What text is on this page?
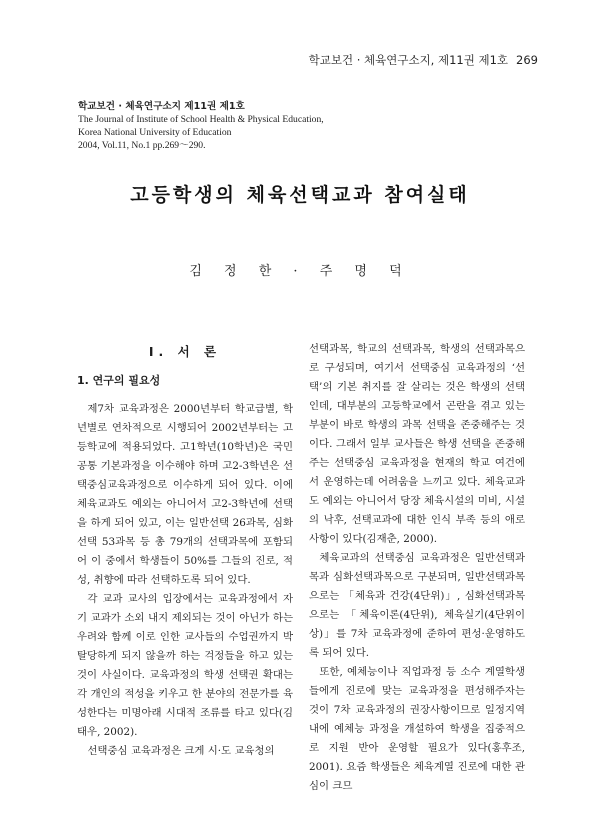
학교보건 · 체육연구소지, 제11권 제1호 269
학교보건 · 체육연구소지 제11권 제1호
The Journal of Institute of School Health & Physical Education,
Korea National University of Education
2004, Vol.11, No.1 pp.269～290.
고등학생의 체육선택교과 참여실태
김 정 한 · 주 명 덕
Ⅰ. 서 론
1. 연구의 필요성

제7차 교육과정은 2000년부터 학교급별, 학년별로 연차적으로 시행되어 2002년부터는 고등학교에 적용되었다. 고1학년(10학년)은 국민공통 기본과정을 이수해야 하며 고2-3학년은 선택중심교육과정으로 이수하게 되어 있다. 이에 체육교과도 예외는 아니어서 고2-3학년에 선택을 하게 되어 있고, 이는 일반선택 26과목, 심화선택 53과목 등 총 79개의 선택과목에 포함되어 이 중에서 학생들이 50%를 그들의 진로, 적성, 취향에 따라 선택하도록 되어 있다.

각 교과 교사의 입장에서는 교육과정에서 자기 교과가 소외 내지 제외되는 것이 아닌가 하는 우려와 함께 이로 인한 교사들의 수업권까지 박탈당하게 되지 않을까 하는 걱정들을 하고 있는 것이 사실이다. 교육과정의 학생 선택권 확대는 각 개인의 적성을 키우고 한 분야의 전문가를 육성한다는 미명아래 시대적 조류를 타고 있다(김태우, 2002).

선택중심 교육과정은 크게 시·도 교육청의

선택과목, 학교의 선택과목, 학생의 선택과목으로 구성되며, 여기서 선택중심 교육과정의 ‘선택’의 기본 취지를 잘 살리는 것은 학생의 선택인데, 대부분의 고등학교에서 곤란을 겪고 있는 부분이 바로 학생의 과목 선택을 존중해주는 것이다. 그래서 일부 교사들은 학생 선택을 존중해 주는 선택중심 교육과정을 현재의 학교 여건에서 운영하는데 어려움을 느끼고 있다. 체육교과도 예외는 아니어서 당장 체육시설의 미비, 시설의 낙후, 선택교과에 대한 인식 부족 등의 애로사항이 있다(김재춘, 2000).

체육교과의 선택중심 교육과정은 일반선택과목과 심화선택과목으로 구분되며, 일반선택과목으로는 「체육과 건강(4단위)」, 심화선택과목으로는 「체육이론(4단위), 체육실기(4단위이상)」를 7차 교육과정에 준하여 편성·운영하도록 되어 있다.

또한, 예체능이나 직업과정 등 소수 계열학생들에게 진로에 맞는 교육과정을 편성해주자는 것이 7차 교육과정의 권장사항이므로 일정지역 내에 예체능 과정을 개설하여 학생을 집중적으로 지원 반아 운영할 필요가 있다(홍후조, 2001). 요즘 학생들은 체육계열 진로에 대한 관심이 크므
